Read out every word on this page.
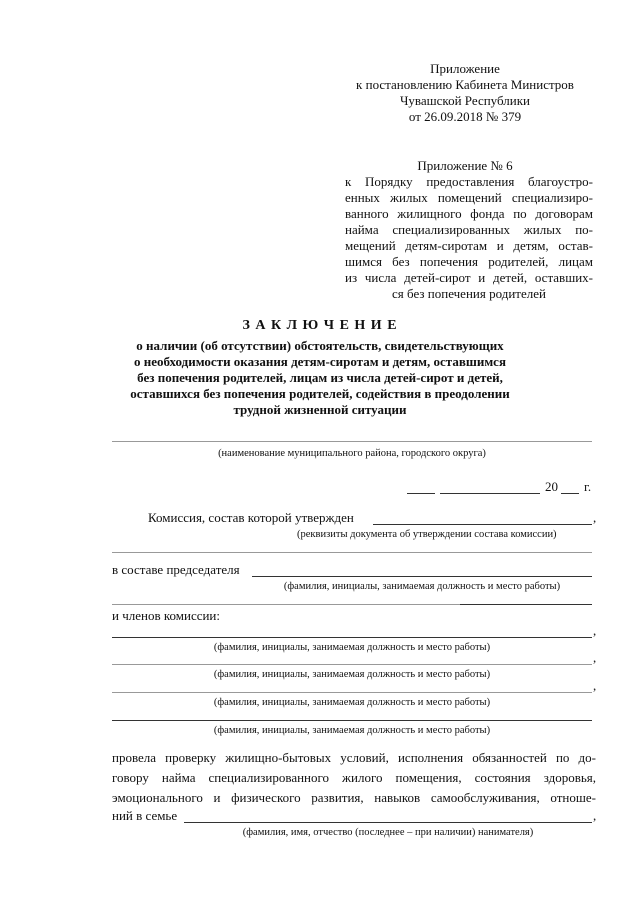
Приложение
к постановлению Кабинета Министров
Чувашской Республики
от 26.09.2018 № 379
Приложение № 6
к Порядку предоставления благоустро-
енных жилых помещений специализиро-
ванного жилищного фонда по договорам
найма специализированных жилых по-
мещений детям-сиротам и детям, остав-
шимся без попечения родителей, лицам
из числа детей-сирот и детей, оставших-
ся без попечения родителей
З А К Л Ю Ч Е Н И Е
о наличии (об отсутствии) обстоятельств, свидетельствующих
о необходимости оказания детям-сиротам и детям, оставшимся
без попечения родителей, лицам из числа детей-сирот и детей,
оставшихся без попечения родителей, содействия в преодолении
трудной жизненной ситуации
(наименование муниципального района, городского округа)
20 г.
Комиссия, состав которой утвержден	,
(реквизиты документа об утверждении состава комиссии)
в составе председателя
(фамилия, инициалы, занимаемая должность и место работы)
и членов комиссии:
,
(фамилия, инициалы, занимаемая должность и место работы)
,
(фамилия, инициалы, занимаемая должность и место работы)
,
(фамилия, инициалы, занимаемая должность и место работы)
(фамилия, инициалы, занимаемая должность и место работы)
провела проверку жилищно-бытовых условий, исполнения обязанностей по до-
говору найма специализированного жилого помещения, состояния здоровья,
эмоционального и физического развития, навыков самообслуживания, отноше-
ний в семье	,
(фамилия, имя, отчество (последнее – при наличии) нанимателя)
